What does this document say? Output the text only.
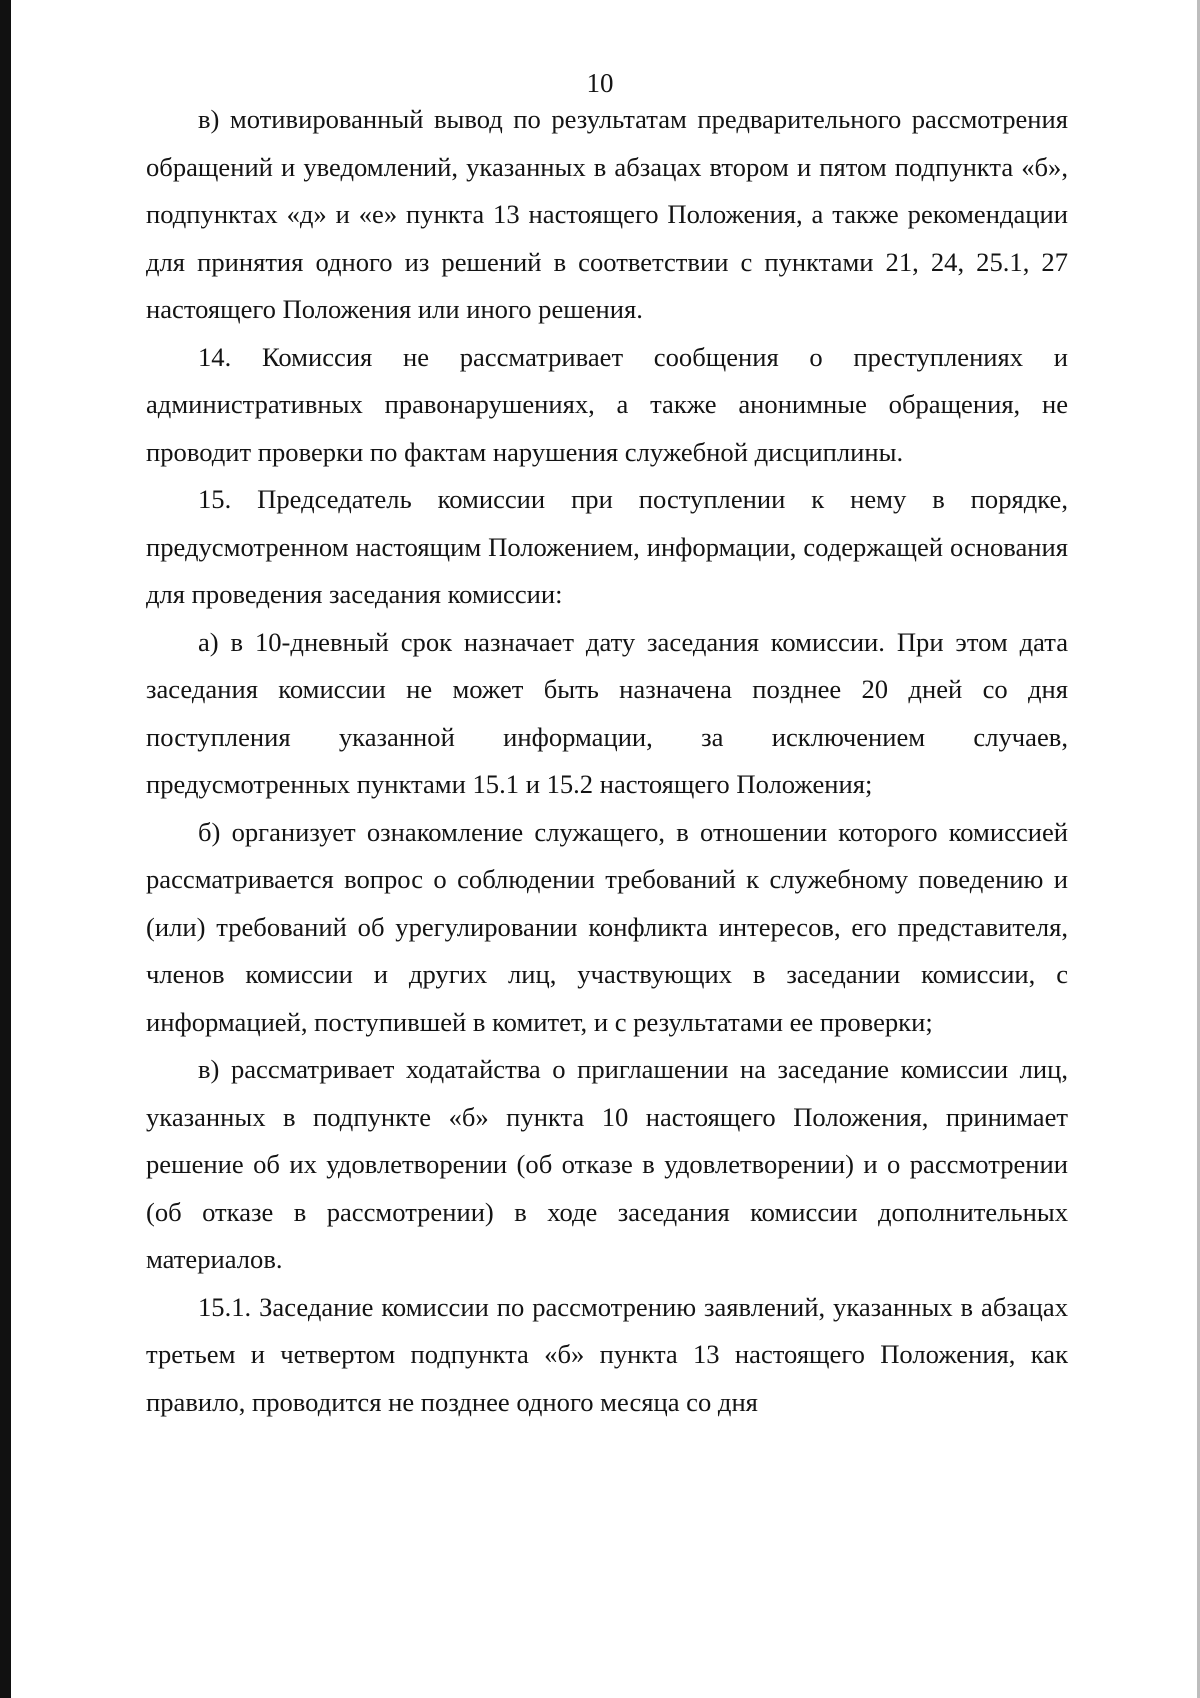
10

в) мотивированный вывод по результатам предварительного рассмотрения обращений и уведомлений, указанных в абзацах втором и пятом подпункта «б», подпунктах «д» и «е» пункта 13 настоящего Положения, а также рекомендации для принятия одного из решений в соответствии с пунктами 21, 24, 25.1, 27 настоящего Положения или иного решения.

14. Комиссия не рассматривает сообщения о преступлениях и административных правонарушениях, а также анонимные обращения, не проводит проверки по фактам нарушения служебной дисциплины.

15. Председатель комиссии при поступлении к нему в порядке, предусмотренном настоящим Положением, информации, содержащей основания для проведения заседания комиссии:

а) в 10-дневный срок назначает дату заседания комиссии. При этом дата заседания комиссии не может быть назначена позднее 20 дней со дня поступления указанной информации, за исключением случаев, предусмотренных пунктами 15.1 и 15.2 настоящего Положения;

б) организует ознакомление служащего, в отношении которого комиссией рассматривается вопрос о соблюдении требований к служебному поведению и (или) требований об урегулировании конфликта интересов, его представителя, членов комиссии и других лиц, участвующих в заседании комиссии, с информацией, поступившей в комитет, и с результатами ее проверки;

в) рассматривает ходатайства о приглашении на заседание комиссии лиц, указанных в подпункте «б» пункта 10 настоящего Положения, принимает решение об их удовлетворении (об отказе в удовлетворении) и о рассмотрении (об отказе в рассмотрении) в ходе заседания комиссии дополнительных материалов.

15.1. Заседание комиссии по рассмотрению заявлений, указанных в абзацах третьем и четвертом подпункта «б» пункта 13 настоящего Положения, как правило, проводится не позднее одного месяца со дня
